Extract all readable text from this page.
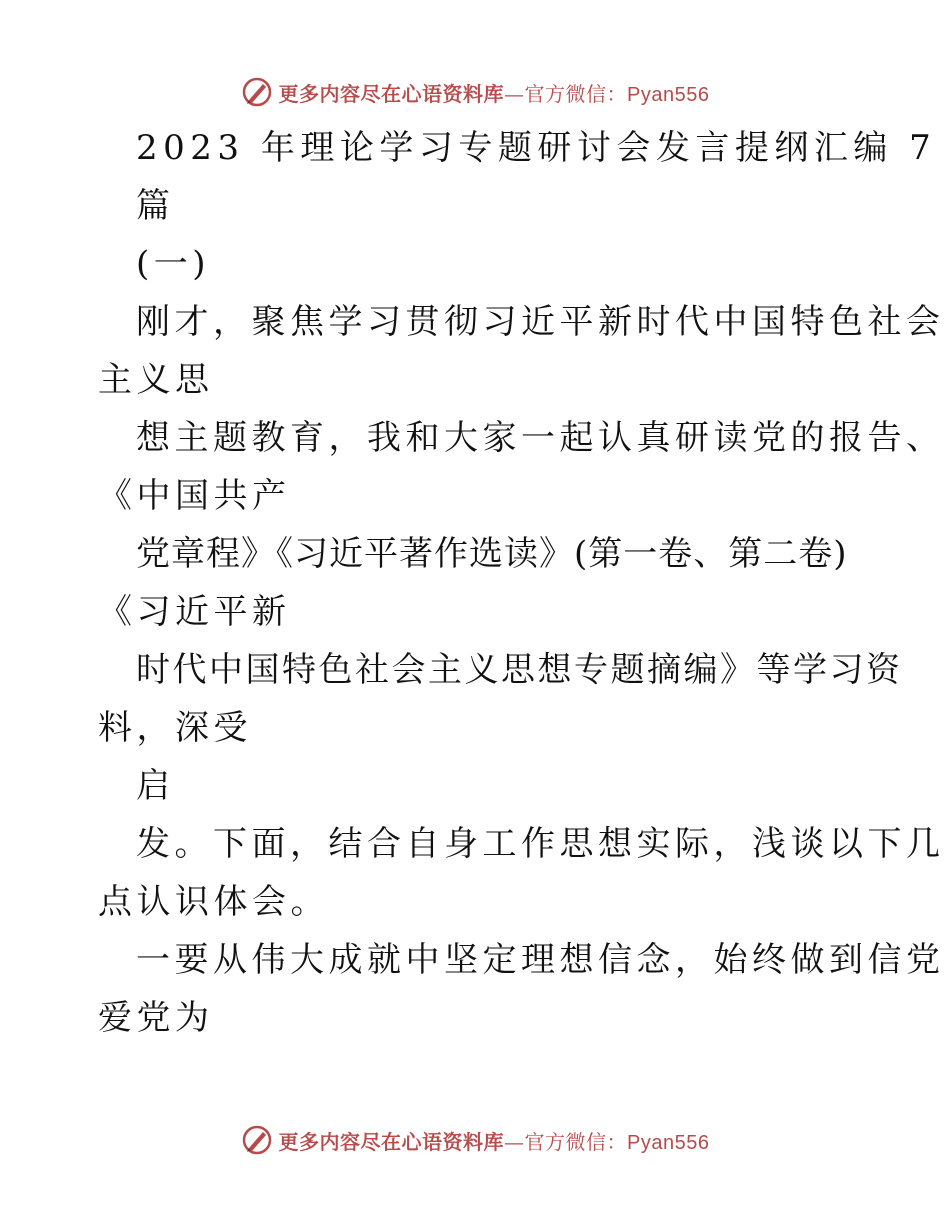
更多内容尽在心语资料库—官方微信：Pyan556
2023 年理论学习专题研讨会发言提纲汇编 7
篇
(一)
刚才，聚焦学习贯彻习近平新时代中国特色社会
主义思
想主题教育，我和大家一起认真研读党的报告、
《中国共产
党章程》《习近平著作选读》(第一卷、第二卷)
《习近平新
时代中国特色社会主义思想专题摘编》等学习资
料，深受
启
发。下面，结合自身工作思想实际，浅谈以下几
点认识体会。
一要从伟大成就中坚定理想信念，始终做到信党
爱党为
更多内容尽在心语资料库—官方微信：Pyan556
